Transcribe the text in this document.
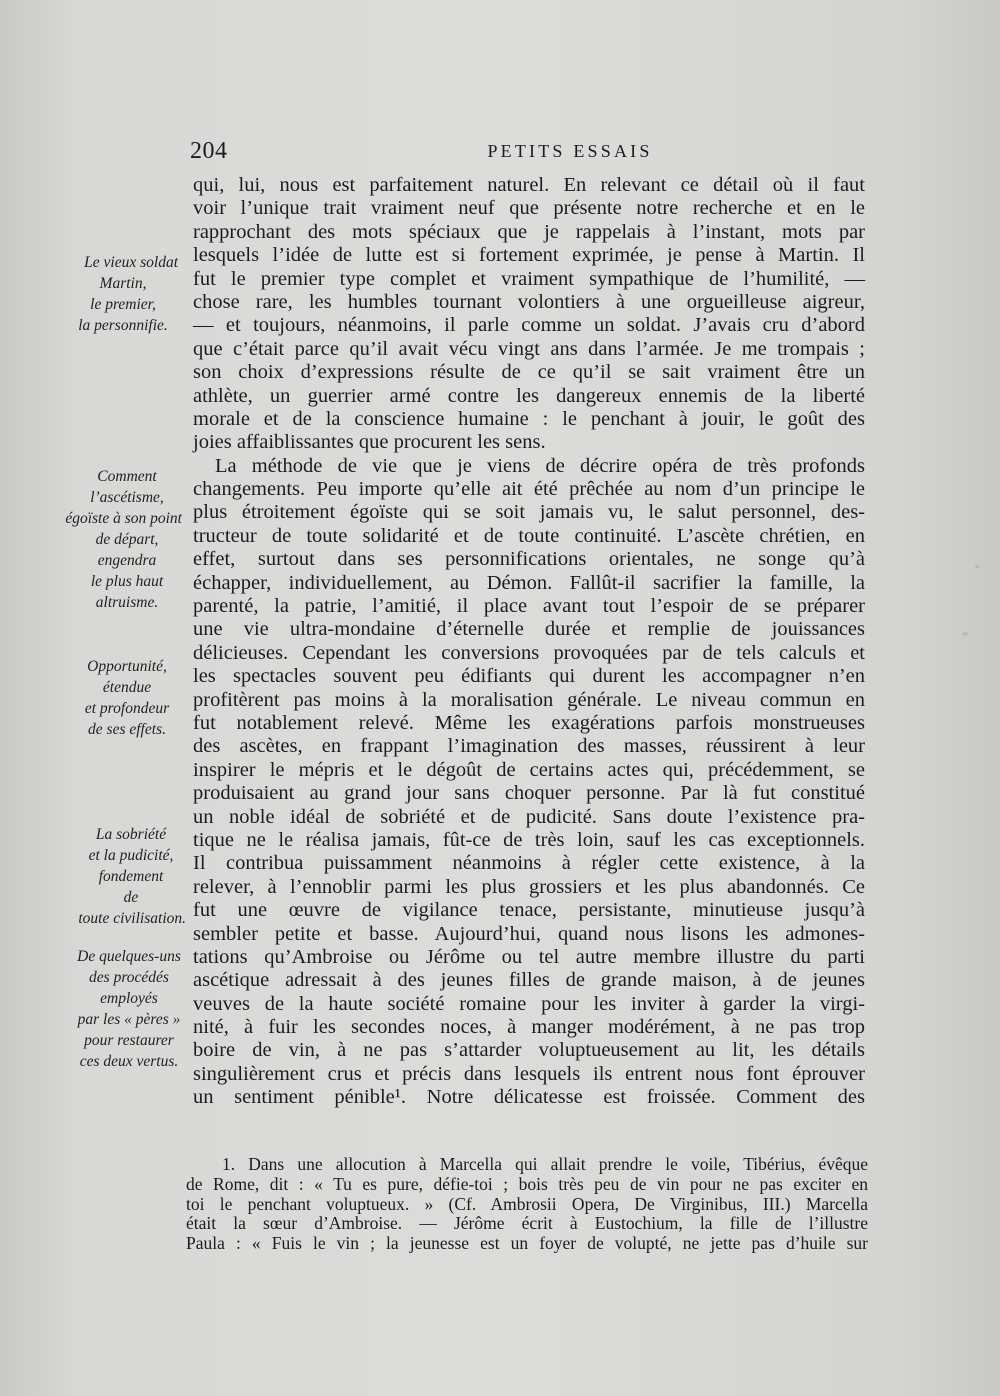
204	PETITS ESSAIS
qui, lui, nous est parfaitement naturel. En relevant ce détail où il faut
voir l’unique trait vraiment neuf que présente notre recherche et en le
rapprochant des mots spéciaux que je rappelais à l’instant, mots par
lesquels l’idée de lutte est si fortement exprimée, je pense à Martin. Il
fut le premier type complet et vraiment sympathique de l’humilité, —
chose rare, les humbles tournant volontiers à une orgueilleuse aigreur,
— et toujours, néanmoins, il parle comme un soldat. J’avais cru d’abord
que c’était parce qu’il avait vécu vingt ans dans l’armée. Je me trompais ;
son choix d’expressions résulte de ce qu’il se sait vraiment être un
athlète, un guerrier armé contre les dangereux ennemis de la liberté
morale et de la conscience humaine : le penchant à jouir, le goût des
joies affaiblissantes que procurent les sens.
La méthode de vie que je viens de décrire opéra de très profonds
changements. Peu importe qu’elle ait été prêchée au nom d’un principe le
plus étroitement égoïste qui se soit jamais vu, le salut personnel, des-
tructeur de toute solidarité et de toute continuité. L’ascète chrétien, en
effet, surtout dans ses personnifications orientales, ne songe qu’à
échapper, individuellement, au Démon. Fallût-il sacrifier la famille, la
parenté, la patrie, l’amitié, il place avant tout l’espoir de se préparer
une vie ultra-mondaine d’éternelle durée et remplie de jouissances
délicieuses. Cependant les conversions provoquées par de tels calculs et
les spectacles souvent peu édifiants qui durent les accompagner n’en
profitèrent pas moins à la moralisation générale. Le niveau commun en
fut notablement relevé. Même les exagérations parfois monstrueuses
des ascètes, en frappant l’imagination des masses, réussirent à leur
inspirer le mépris et le dégoût de certains actes qui, précédemment, se
produisaient au grand jour sans choquer personne. Par là fut constitué
un noble idéal de sobriété et de pudicité. Sans doute l’existence pra-
tique ne le réalisa jamais, fût-ce de très loin, sauf les cas exceptionnels.
Il contribua puissamment néanmoins à régler cette existence, à la
relever, à l’ennoblir parmi les plus grossiers et les plus abandonnés. Ce
fut une œuvre de vigilance tenace, persistante, minutieuse jusqu’à
sembler petite et basse. Aujourd’hui, quand nous lisons les admones-
tations qu’Ambroise ou Jérôme ou tel autre membre illustre du parti
ascétique adressait à des jeunes filles de grande maison, à de jeunes
veuves de la haute société romaine pour les inviter à garder la virgi-
nité, à fuir les secondes noces, à manger modérément, à ne pas trop
boire de vin, à ne pas s’attarder voluptueusement au lit, les détails
singulièrement crus et précis dans lesquels ils entrent nous font éprouver
un sentiment pénible¹. Notre délicatesse est froissée. Comment des
1. Dans une allocution à Marcella qui allait prendre le voile, Tibérius, évêque
de Rome, dit : « Tu es pure, défie-toi ; bois très peu de vin pour ne pas exciter en
toi le penchant voluptueux. » (Cf. Ambrosii Opera, De Virginibus, III.) Marcella
était la sœur d’Ambroise. — Jérôme écrit à Eustochium, la fille de l’illustre
Paula : « Fuis le vin ; la jeunesse est un foyer de volupté, ne jette pas d’huile sur
Le vieux soldat
Martin,
le premier,
la personnifie.
Comment
l’ascétisme,
égoïste à son point
de départ,
engendra
le plus haut
altruisme.
Opportunité,
étendue
et profondeur
de ses effets.
La sobriété
et la pudicité,
fondement
de
toute civilisation.
De quelques-uns
des procédés
employés
par les « pères »
pour restaurer
ces deux vertus.
